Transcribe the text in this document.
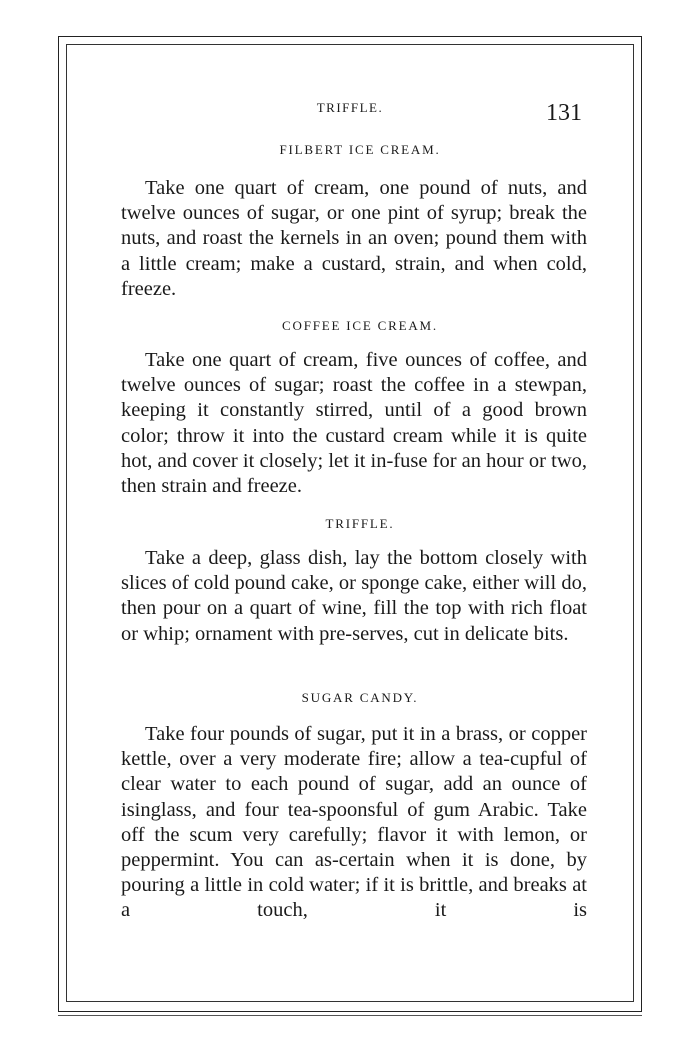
TRIFFLE.	131
FILBERT ICE CREAM.

Take one quart of cream, one pound of nuts, and twelve ounces of sugar, or one pint of syrup; break the nuts, and roast the kernels in an oven; pound them with a little cream; make a custard, strain, and when cold, freeze.

COFFEE ICE CREAM.

Take one quart of cream, five ounces of coffee, and twelve ounces of sugar; roast the coffee in a stewpan, keeping it constantly stirred, until of a good brown color; throw it into the custard cream while it is quite hot, and cover it closely; let it in-fuse for an hour or two, then strain and freeze.

TRIFFLE.

Take a deep, glass dish, lay the bottom closely with slices of cold pound cake, or sponge cake, either will do, then pour on a quart of wine, fill the top with rich float or whip; ornament with pre-serves, cut in delicate bits.

SUGAR CANDY.

Take four pounds of sugar, put it in a brass, or copper kettle, over a very moderate fire; allow a tea-cupful of clear water to each pound of sugar, add an ounce of isinglass, and four tea-spoonsful of gum Arabic. Take off the scum very carefully; flavor it with lemon, or peppermint. You can as-certain when it is done, by pouring a little in cold water; if it is brittle, and breaks at a touch, it is
